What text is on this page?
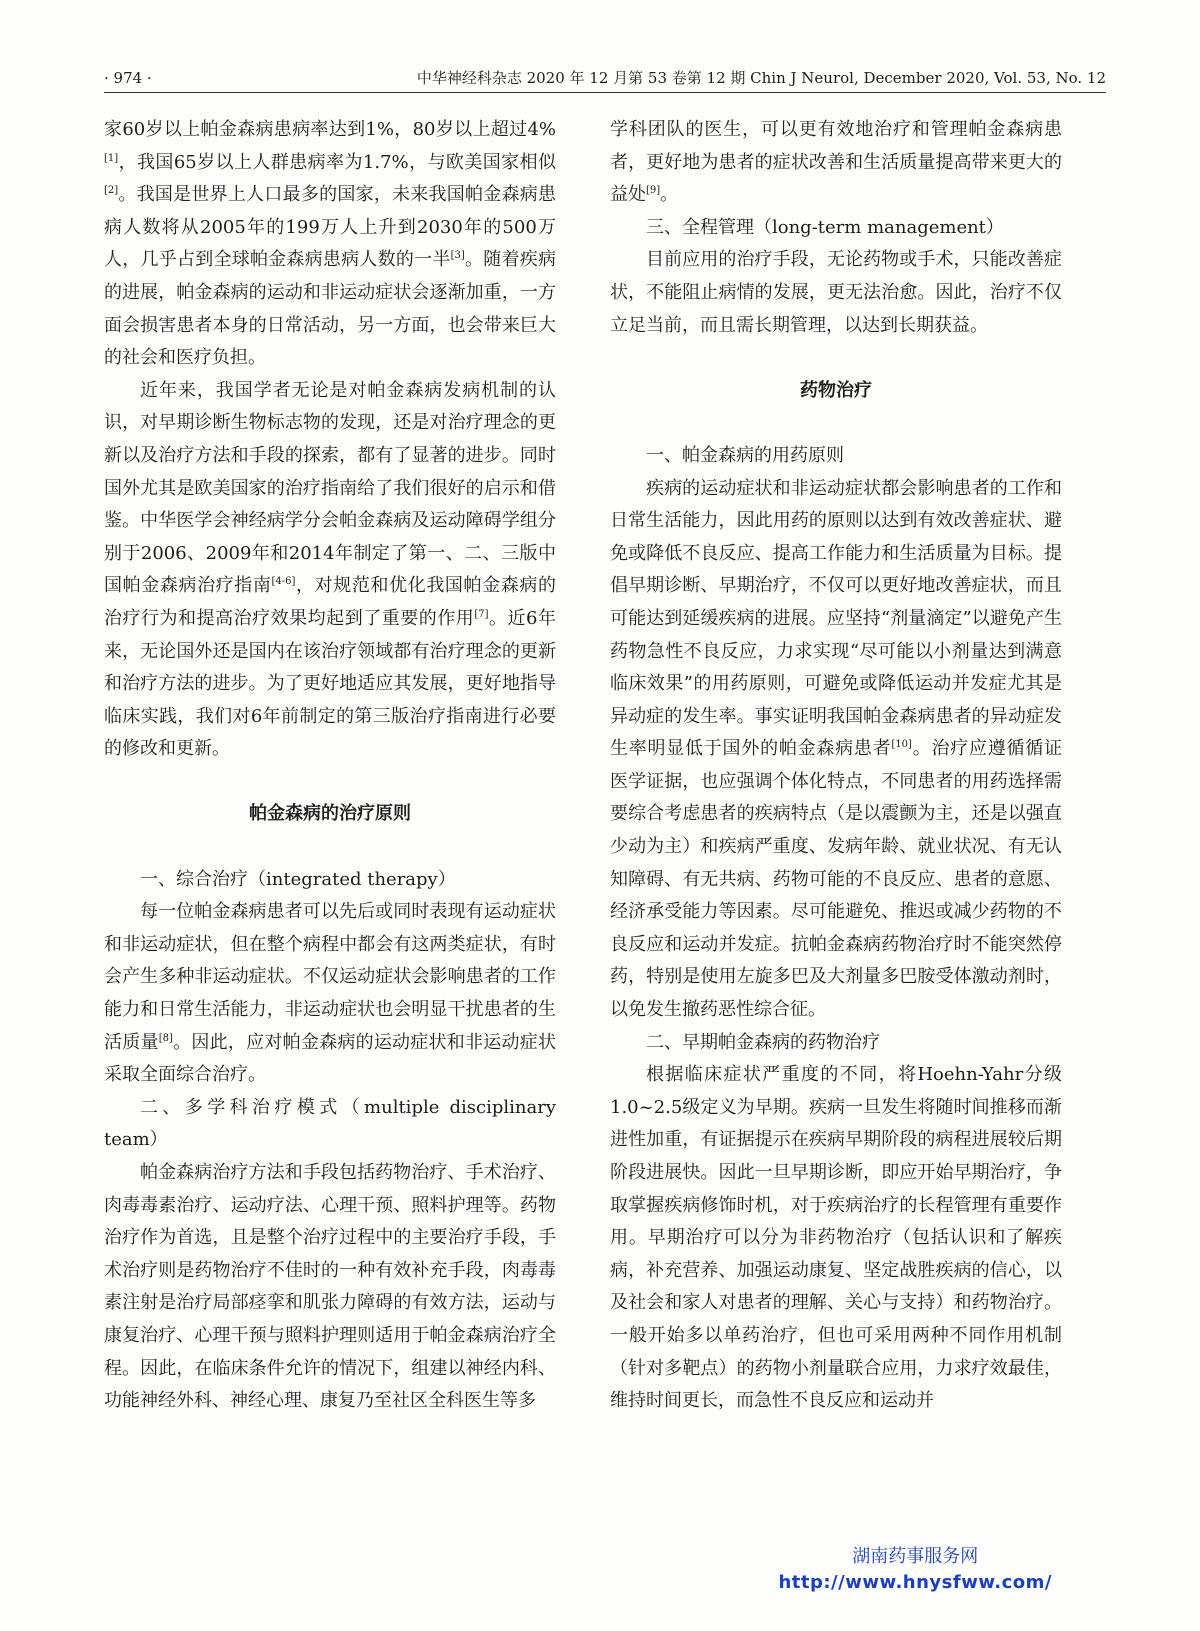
· 974 ·	中华神经科杂志 2020 年 12 月第 53 卷第 12 期 Chin J Neurol, December 2020, Vol. 53, No. 12

家60岁以上帕金森病患病率达到1%，80岁以上超过4%[1]，我国65岁以上人群患病率为1.7%，与欧美国家相似[2]。我国是世界上人口最多的国家，未来我国帕金森病患病人数将从2005年的199万人上升到2030年的500万人，几乎占到全球帕金森病患病人数的一半[3]。随着疾病的进展，帕金森病的运动和非运动症状会逐渐加重，一方面会损害患者本身的日常活动，另一方面，也会带来巨大的社会和医疗负担。

近年来，我国学者无论是对帕金森病发病机制的认识，对早期诊断生物标志物的发现，还是对治疗理念的更新以及治疗方法和手段的探索，都有了显著的进步。同时国外尤其是欧美国家的治疗指南给了我们很好的启示和借鉴。中华医学会神经病学分会帕金森病及运动障碍学组分别于2006、2009年和2014年制定了第一、二、三版中国帕金森病治疗指南[4-6]，对规范和优化我国帕金森病的治疗行为和提高治疗效果均起到了重要的作用[7]。近6年来，无论国外还是国内在该治疗领域都有治疗理念的更新和治疗方法的进步。为了更好地适应其发展，更好地指导临床实践，我们对6年前制定的第三版治疗指南进行必要的修改和更新。

帕金森病的治疗原则

一、综合治疗（integrated therapy）

每一位帕金森病患者可以先后或同时表现有运动症状和非运动症状，但在整个病程中都会有这两类症状，有时会产生多种非运动症状。不仅运动症状会影响患者的工作能力和日常生活能力，非运动症状也会明显干扰患者的生活质量[8]。因此，应对帕金森病的运动症状和非运动症状采取全面综合治疗。

二、多学科治疗模式（multiple disciplinary team）

帕金森病治疗方法和手段包括药物治疗、手术治疗、肉毒毒素治疗、运动疗法、心理干预、照料护理等。药物治疗作为首选，且是整个治疗过程中的主要治疗手段，手术治疗则是药物治疗不佳时的一种有效补充手段，肉毒毒素注射是治疗局部痉挛和肌张力障碍的有效方法，运动与康复治疗、心理干预与照料护理则适用于帕金森病治疗全程。因此，在临床条件允许的情况下，组建以神经内科、功能神经外科、神经心理、康复乃至社区全科医生等多

学科团队的医生，可以更有效地治疗和管理帕金森病患者，更好地为患者的症状改善和生活质量提高带来更大的益处[9]。

三、全程管理（long-term management）

目前应用的治疗手段，无论药物或手术，只能改善症状，不能阻止病情的发展，更无法治愈。因此，治疗不仅立足当前，而且需长期管理，以达到长期获益。

药物治疗

一、帕金森病的用药原则

疾病的运动症状和非运动症状都会影响患者的工作和日常生活能力，因此用药的原则以达到有效改善症状、避免或降低不良反应、提高工作能力和生活质量为目标。提倡早期诊断、早期治疗，不仅可以更好地改善症状，而且可能达到延缓疾病的进展。应坚持“剂量滴定”以避免产生药物急性不良反应，力求实现“尽可能以小剂量达到满意临床效果”的用药原则，可避免或降低运动并发症尤其是异动症的发生率。事实证明我国帕金森病患者的异动症发生率明显低于国外的帕金森病患者[10]。治疗应遵循循证医学证据，也应强调个体化特点，不同患者的用药选择需要综合考虑患者的疾病特点（是以震颤为主，还是以强直少动为主）和疾病严重度、发病年龄、就业状况、有无认知障碍、有无共病、药物可能的不良反应、患者的意愿、经济承受能力等因素。尽可能避免、推迟或减少药物的不良反应和运动并发症。抗帕金森病药物治疗时不能突然停药，特别是使用左旋多巴及大剂量多巴胺受体激动剂时，以免发生撤药恶性综合征。

二、早期帕金森病的药物治疗

根据临床症状严重度的不同，将Hoehn-Yahr分级1.0~2.5级定义为早期。疾病一旦发生将随时间推移而渐进性加重，有证据提示在疾病早期阶段的病程进展较后期阶段进展快。因此一旦早期诊断，即应开始早期治疗，争取掌握疾病修饰时机，对于疾病治疗的长程管理有重要作用。早期治疗可以分为非药物治疗（包括认识和了解疾病，补充营养、加强运动康复、坚定战胜疾病的信心，以及社会和家人对患者的理解、关心与支持）和药物治疗。一般开始多以单药治疗，但也可采用两种不同作用机制（针对多靶点）的药物小剂量联合应用，力求疗效最佳，维持时间更长，而急性不良反应和运动并

湖南药事服务网
http://www.hnysfww.com/
